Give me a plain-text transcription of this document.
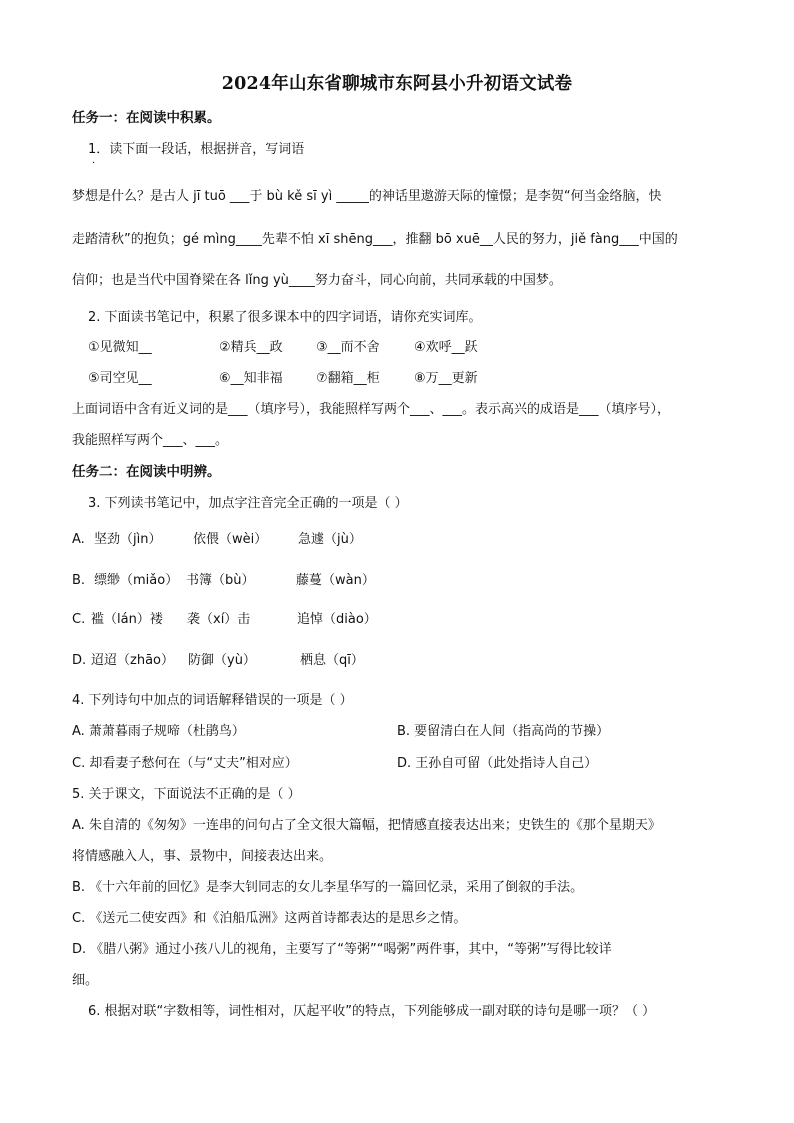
2024年山东省聊城市东阿县小升初语文试卷
任务一：在阅读中积累。
1．读下面一段话，根据拼音，写词语
·
梦想是什么？是古人 jī tuō ___于 bù kě sī yì _____的神话里遨游天际的憧憬；是李贺“何当金络脑，快
走踏清秋”的抱负；gé mìng____先辈不怕 xī shēng___，推翻 bō xuē__人民的努力，jiě fàng___中国的
信仰；也是当代中国脊梁在各 lǐng yù____努力奋斗，同心向前，共同承载的中国梦。
2. 下面读书笔记中，积累了很多课本中的四字词语，请你充实词库。
①见微知__	②精兵__政	③__而不舍	④欢呼__跃
⑤司空见__	⑥__知非福	⑦翻箱__柜	⑧万__更新
上面词语中含有近义词的是___（填序号），我能照样写两个___、___。表示高兴的成语是___（填序号），
我能照样写两个___、___。
任务二：在阅读中明辨。
3. 下列读书笔记中，加点字注音完全正确的一项是（ ）
A. 坚劲（jìn） 依偎（wèi） 急遽（jù）
B. 缥缈（miǎo） 书簿（bù）	藤蔓（wàn）
C. 褴（lán）褛 袭（xí）击	追悼（diào）
D. 迢迢（zhāo） 防御（yù）	栖息（qī）
4. 下列诗句中加点的词语解释错误的一项是（ ）
A. 萧萧暮雨子规啼（杜鹃鸟）	B. 要留清白在人间（指高尚的节操）
C. 却看妻子愁何在（与“丈夫”相对应）	D. 王孙自可留（此处指诗人自己）
5. 关于课文，下面说法不正确的是（ ）
A. 朱自清的《匆匆》一连串的问句占了全文很大篇幅，把情感直接表达出来；史铁生的《那个星期天》
将情感融入人，事、景物中，间接表达出来。
B. 《十六年前的回忆》是李大钊同志的女儿李星华写的一篇回忆录，采用了倒叙的手法。
C. 《送元二使安西》和《泊船瓜洲》这两首诗都表达的是思乡之情。
D. 《腊八粥》通过小孩八儿的视角，主要写了“等粥”“喝粥”两件事，其中，“等粥”写得比较详
细。
6. 根据对联“字数相等，词性相对，仄起平收”的特点，下列能够成一副对联的诗句是哪一项？（ ）
